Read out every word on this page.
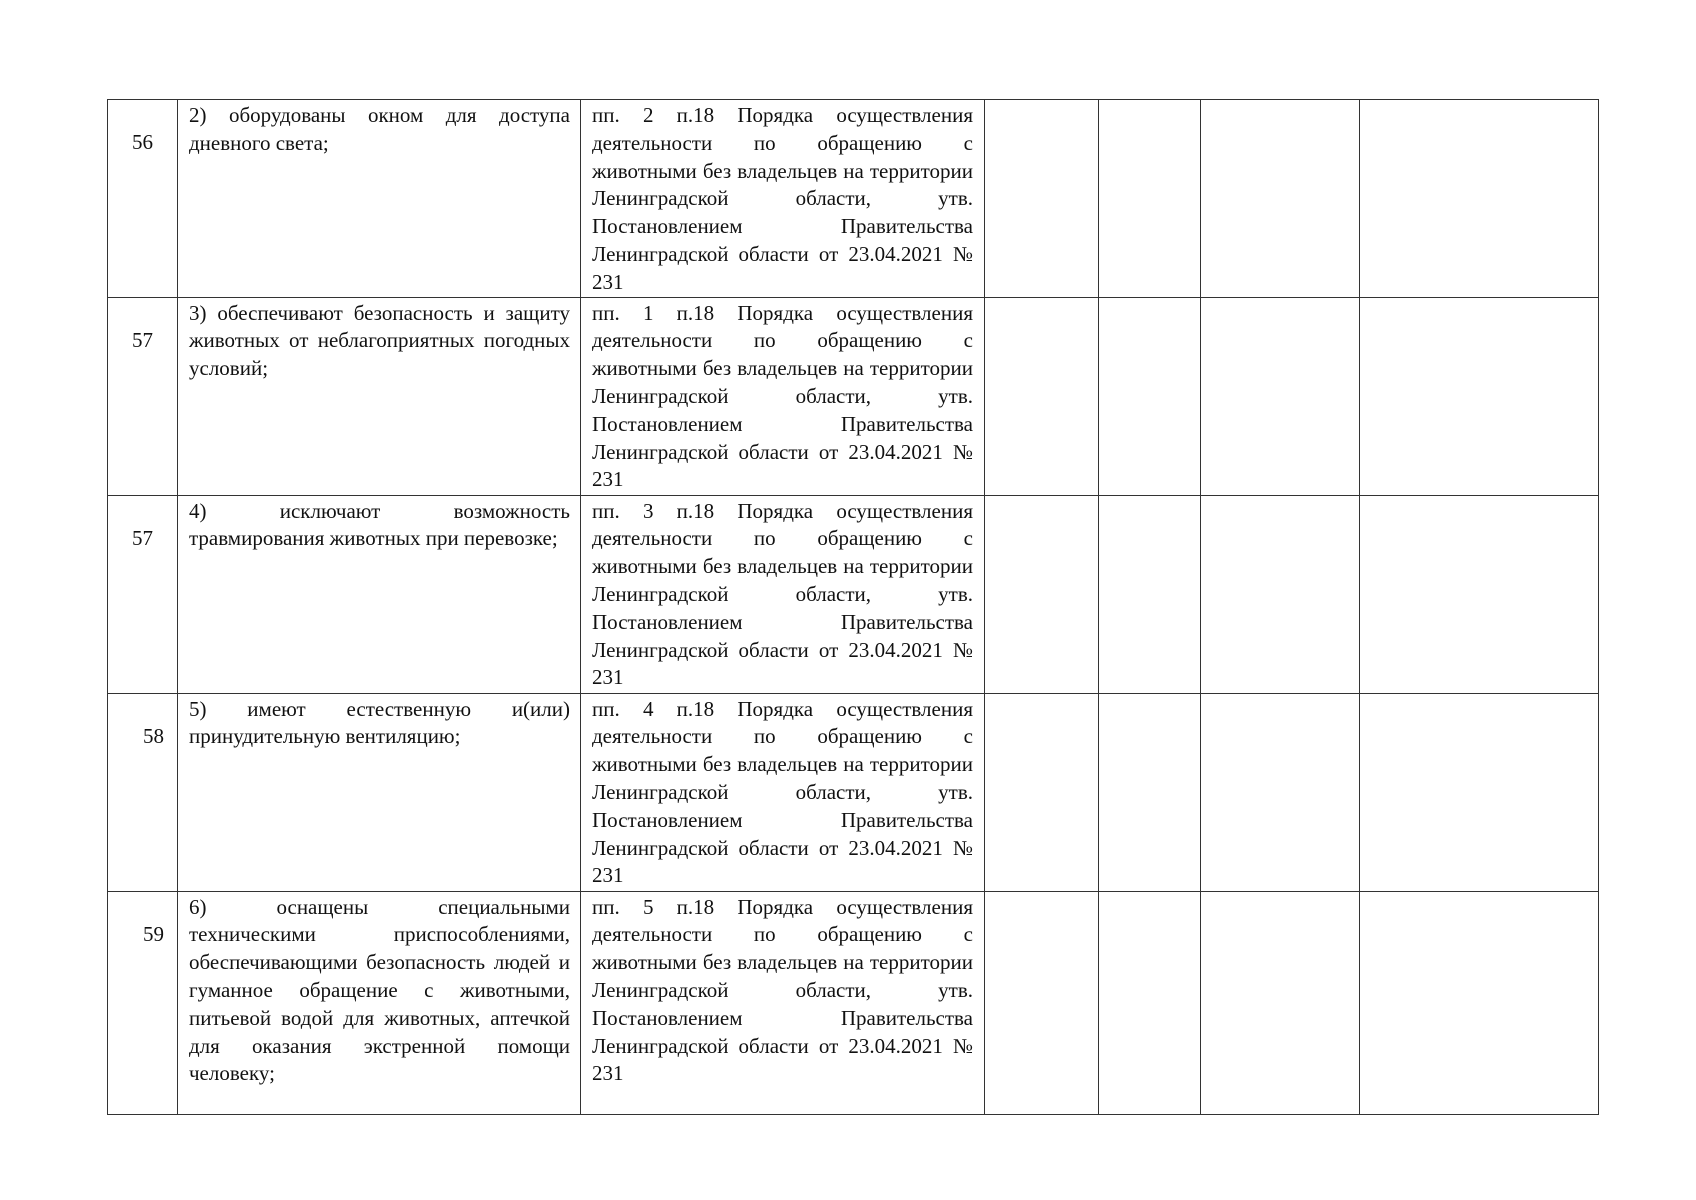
56	2) оборудованы окном для доступа дневного света;	пп. 2 п.18 Порядка осуществления деятельности по обращению с животными без владельцев на территории Ленинградской области, утв. Постановлением Правительства Ленинградской области от 23.04.2021 № 231				

57	3) обеспечивают безопасность и защиту животных от неблагоприятных погодных условий;	пп. 1 п.18 Порядка осуществления деятельности по обращению с животными без владельцев на территории Ленинградской области, утв. Постановлением Правительства Ленинградской области от 23.04.2021 № 231				

57	4) исключают возможность травмирования животных при перевозке;	пп. 3 п.18 Порядка осуществления деятельности по обращению с животными без владельцев на территории Ленинградской области, утв. Постановлением Правительства Ленинградской области от 23.04.2021 № 231				

58	5) имеют естественную и(или) принудительную вентиляцию;	пп. 4 п.18 Порядка осуществления деятельности по обращению с животными без владельцев на территории Ленинградской области, утв. Постановлением Правительства Ленинградской области от 23.04.2021 № 231				

59	6) оснащены специальными техническими приспособлениями, обеспечивающими безопасность людей и гуманное обращение с животными, питьевой водой для животных, аптечкой для оказания экстренной помощи человеку;	пп. 5 п.18 Порядка осуществления деятельности по обращению с животными без владельцев на территории Ленинградской области, утв. Постановлением Правительства Ленинградской области от 23.04.2021 № 231				
